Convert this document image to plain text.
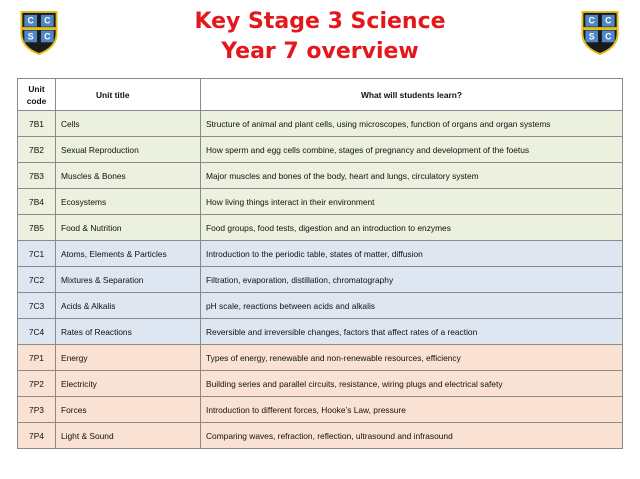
C C
S C
C C
S C
Key Stage 3 Science
Year 7 overview
Unit
code	Unit title	What will students learn?
7B1	Cells	Structure of animal and plant cells, using microscopes, function of organs and organ systems
7B2	Sexual Reproduction	How sperm and egg cells combine, stages of pregnancy and development of the foetus
7B3	Muscles & Bones	Major muscles and bones of the body, heart and lungs, circulatory system
7B4	Ecosystems	How living things interact in their environment
7B5	Food & Nutrition	Food groups, food tests, digestion and an introduction to enzymes
7C1	Atoms, Elements & Particles	Introduction to the periodic table, states of matter, diffusion
7C2	Mixtures & Separation	Filtration, evaporation, distillation, chromatography
7C3	Acids & Alkalis	pH scale, reactions between acids and alkalis
7C4	Rates of Reactions	Reversible and irreversible changes, factors that affect rates of a reaction
7P1	Energy	Types of energy, renewable and non-renewable resources, efficiency
7P2	Electricity	Building series and parallel circuits, resistance, wiring plugs and electrical safety
7P3	Forces	Introduction to different forces, Hooke’s Law, pressure
7P4	Light & Sound	Comparing waves, refraction, reflection, ultrasound and infrasound
